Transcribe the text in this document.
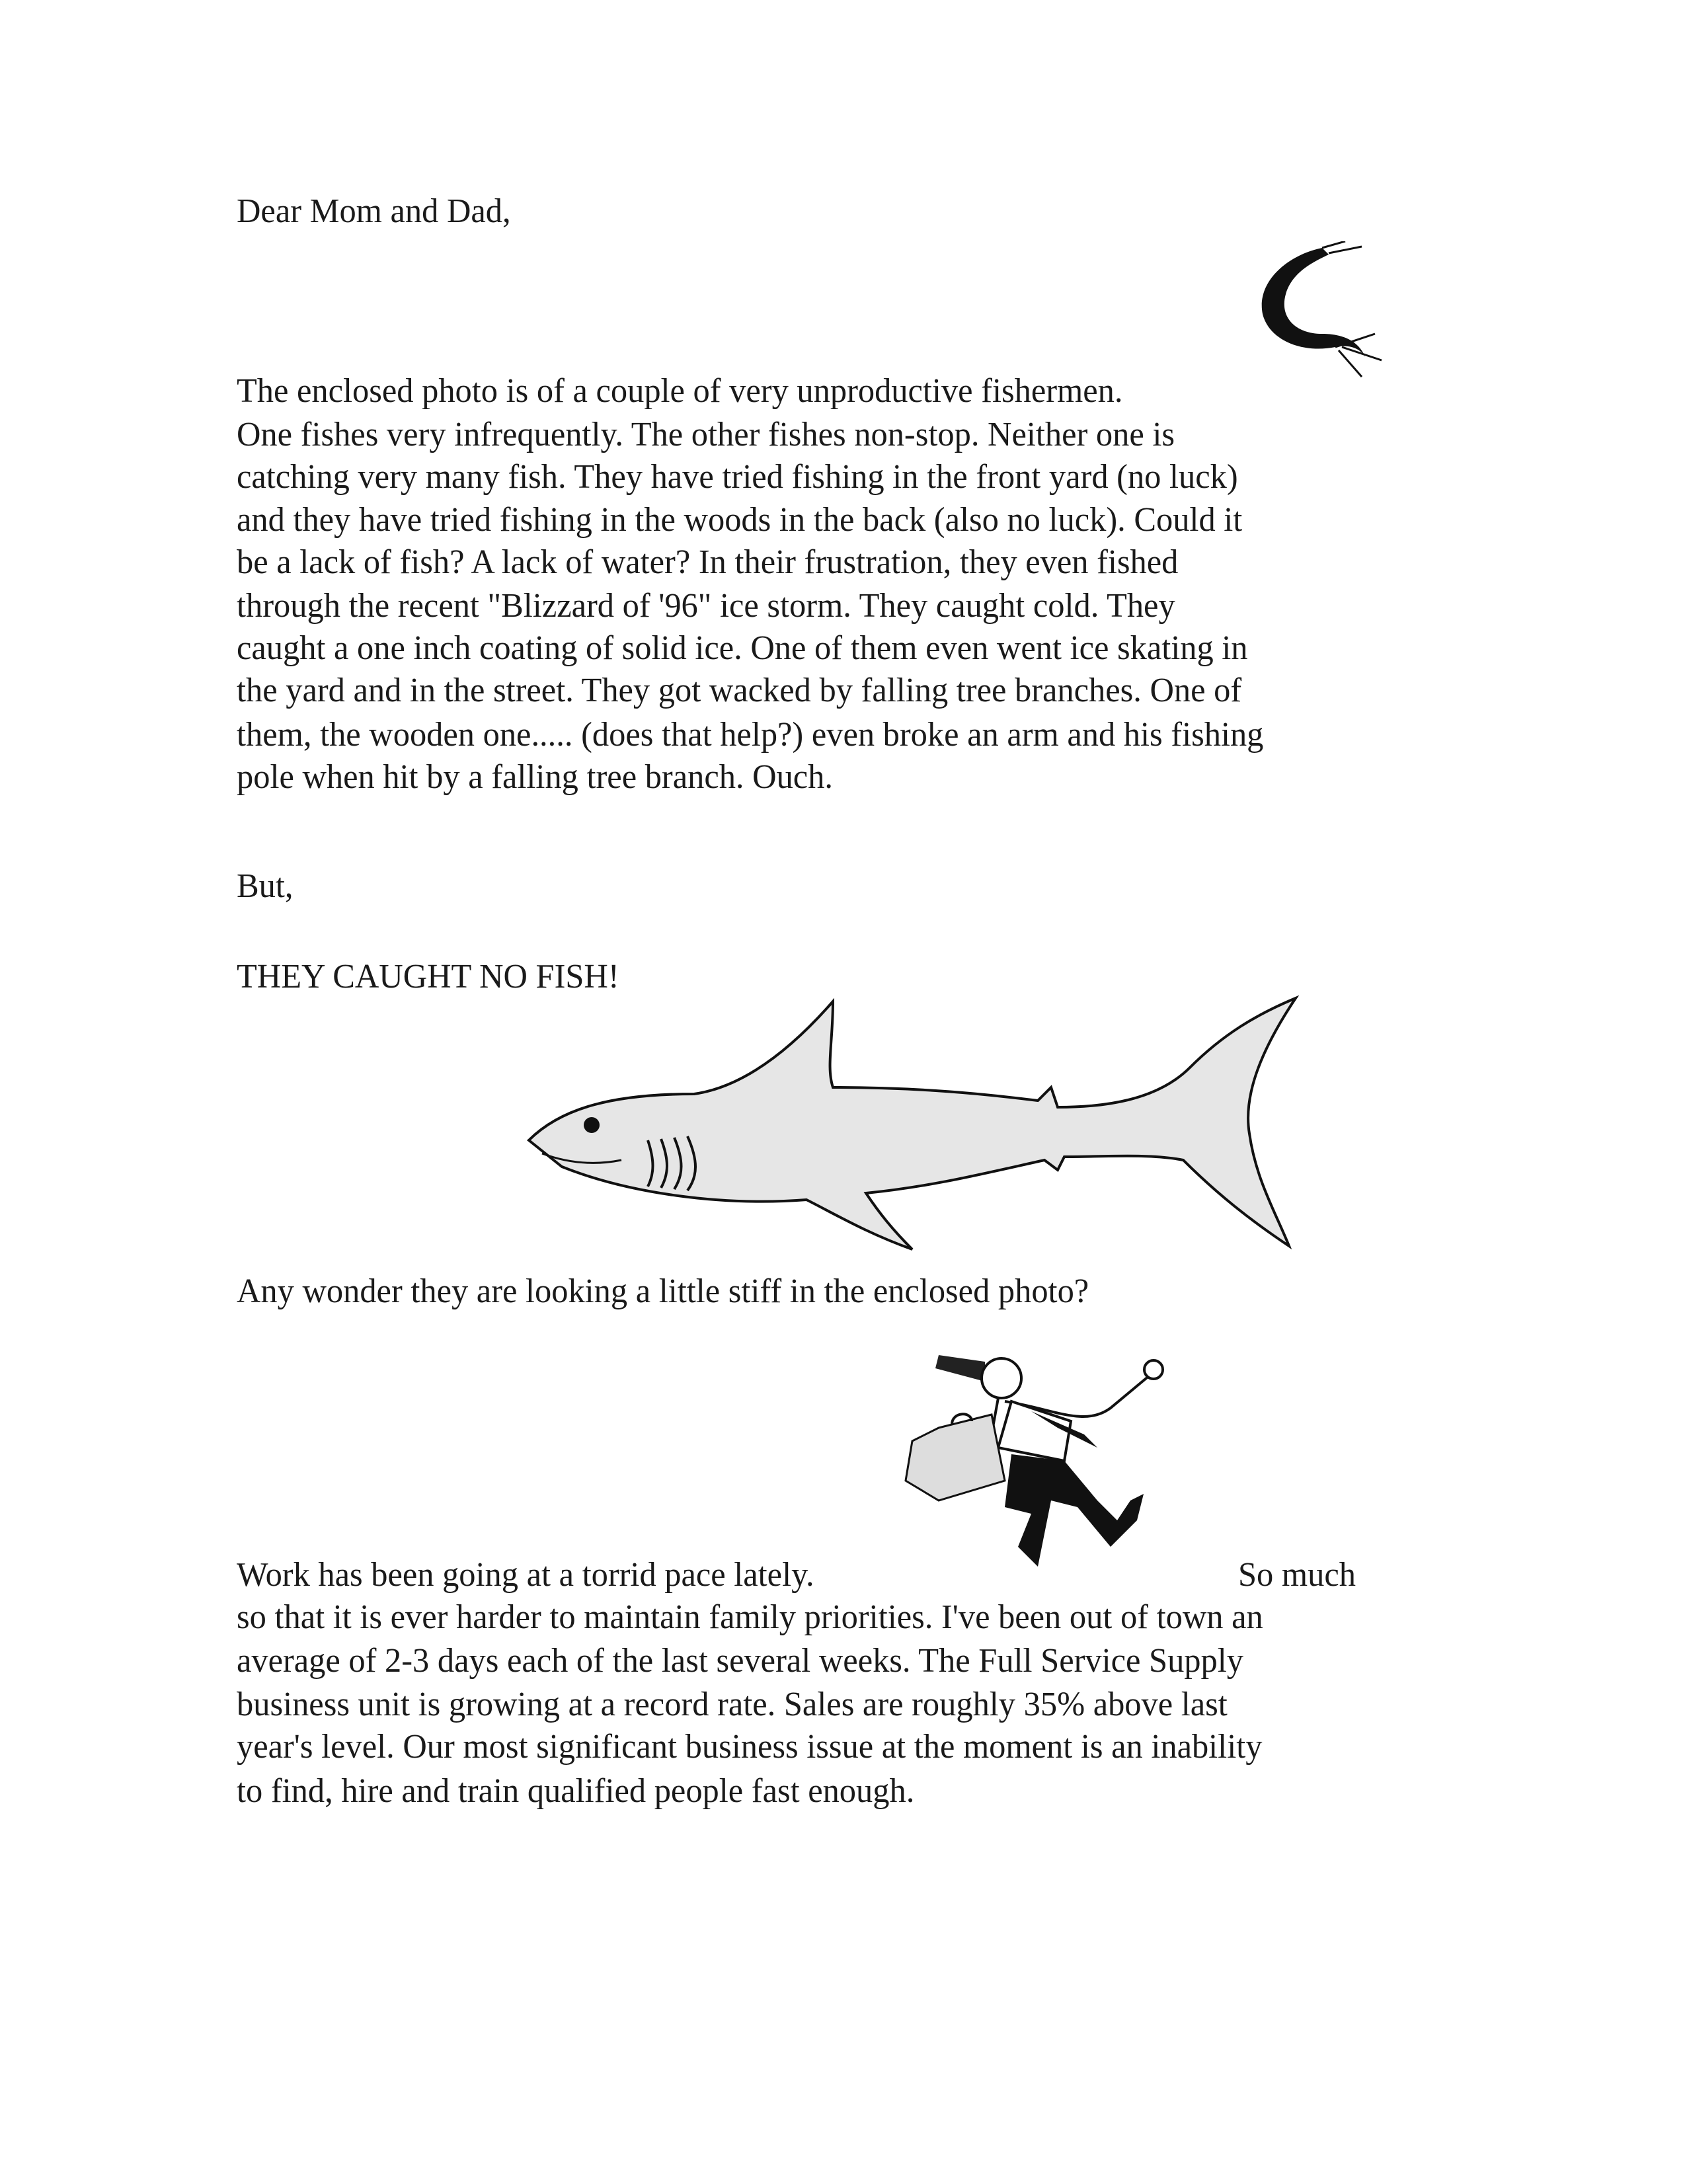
Dear Mom and Dad,
The enclosed photo is of a couple of very unproductive fishermen.
One fishes very infrequently. The other fishes non-stop. Neither one is
catching very many fish. They have tried fishing in the front yard (no luck)
and they have tried fishing in the woods in the back (also no luck). Could it
be a lack of fish? A lack of water? In their frustration, they even fished
through the recent "Blizzard of '96" ice storm. They caught cold. They
caught a one inch coating of solid ice. One of them even went ice skating in
the yard and in the street. They got wacked by falling tree branches. One of
them, the wooden one..... (does that help?) even broke an arm and his fishing
pole when hit by a falling tree branch. Ouch.
But,
THEY CAUGHT NO FISH!
Any wonder they are looking a little stiff in the enclosed photo?
Work has been going at a torrid pace lately.	So much
so that it is ever harder to maintain family priorities. I've been out of town an
average of 2-3 days each of the last several weeks. The Full Service Supply
business unit is growing at a record rate. Sales are roughly 35% above last
year's level. Our most significant business issue at the moment is an inability
to find, hire and train qualified people fast enough.
